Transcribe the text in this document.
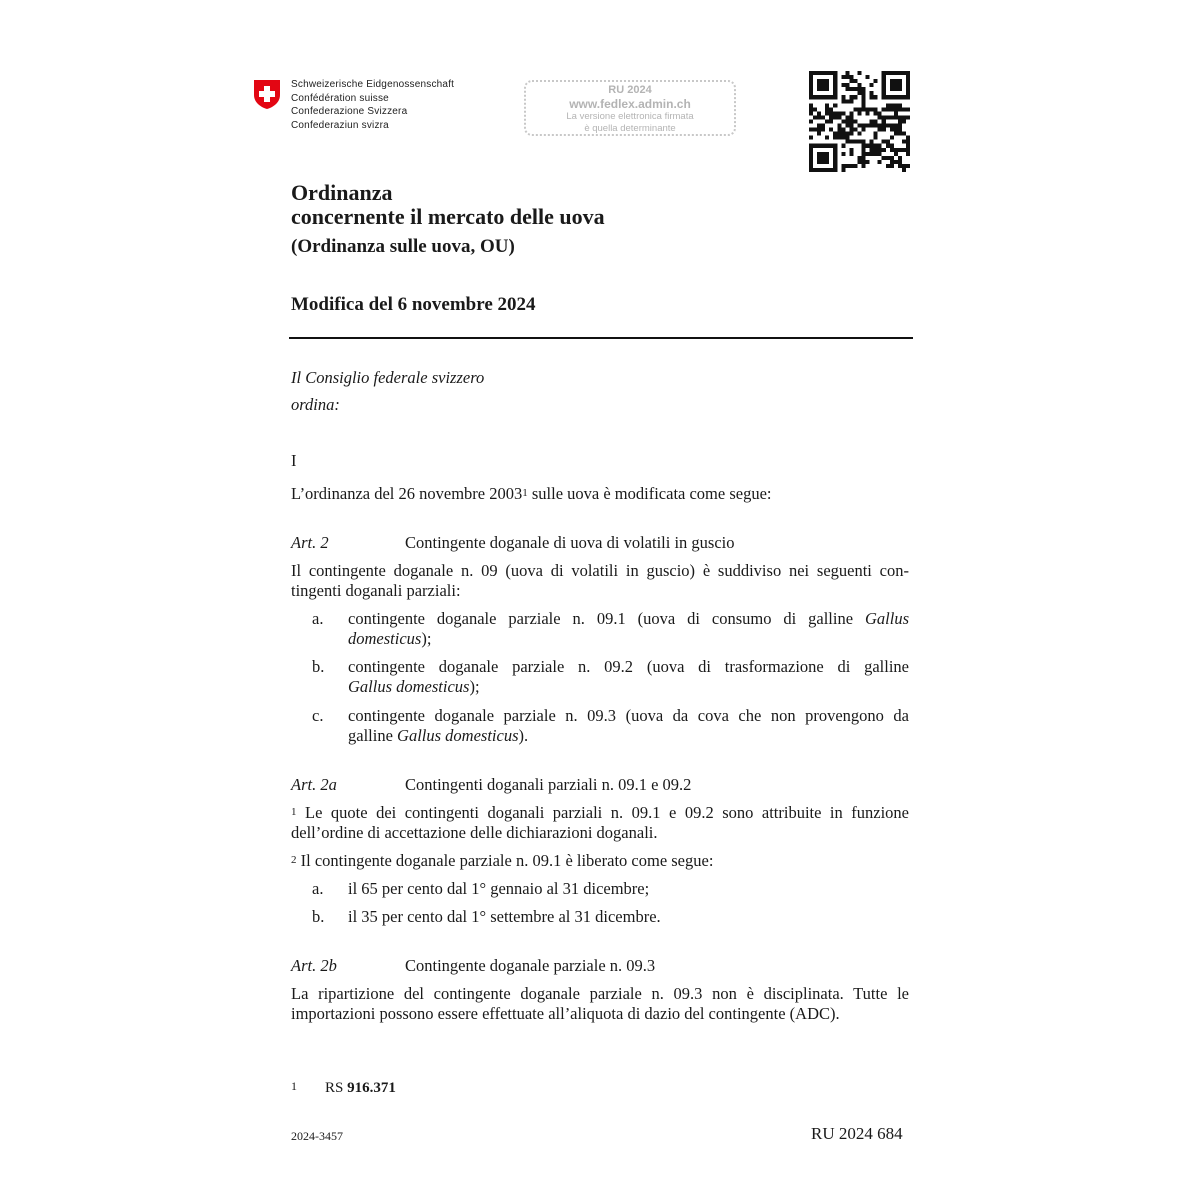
Schweizerische Eidgenossenschaft
Confédération suisse
Confederazione Svizzera
Confederaziun svizra
RU 2024
www.fedlex.admin.ch
La versione elettronica firmata
è quella determinante
Ordinanza
concernente il mercato delle uova
(Ordinanza sulle uova, OU)
Modifica del 6 novembre 2024
Il Consiglio federale svizzero
ordina:
I
L’ordinanza del 26 novembre 2003$^1$ sulle uova è modificata come segue:
Art. 2	Contingente doganale di uova di volatili in guscio
Il contingente doganale n. 09 (uova di volatili in guscio) è suddiviso nei seguenti con-
tingenti doganali parziali:
a. contingente doganale parziale n. 09.1 (uova di consumo di galline Gallus
domesticus);
b. contingente doganale parziale n. 09.2 (uova di trasformazione di galline
Gallus domesticus);
c. contingente doganale parziale n. 09.3 (uova da cova che non provengono da
galline Gallus domesticus).
Art. 2a	Contingenti doganali parziali n. 09.1 e 09.2
$^1$ Le quote dei contingenti doganali parziali n. 09.1 e 09.2 sono attribuite in funzione
dell’ordine di accettazione delle dichiarazioni doganali.
$^2$ Il contingente doganale parziale n. 09.1 è liberato come segue:
a. il 65 per cento dal 1° gennaio al 31 dicembre;
b. il 35 per cento dal 1° settembre al 31 dicembre.
Art. 2b	Contingente doganale parziale n. 09.3
La ripartizione del contingente doganale parziale n. 09.3 non è disciplinata. Tutte le
importazioni possono essere effettuate all’aliquota di dazio del contingente (ADC).
1 RS 916.371
2024-3457	RU 2024 684
